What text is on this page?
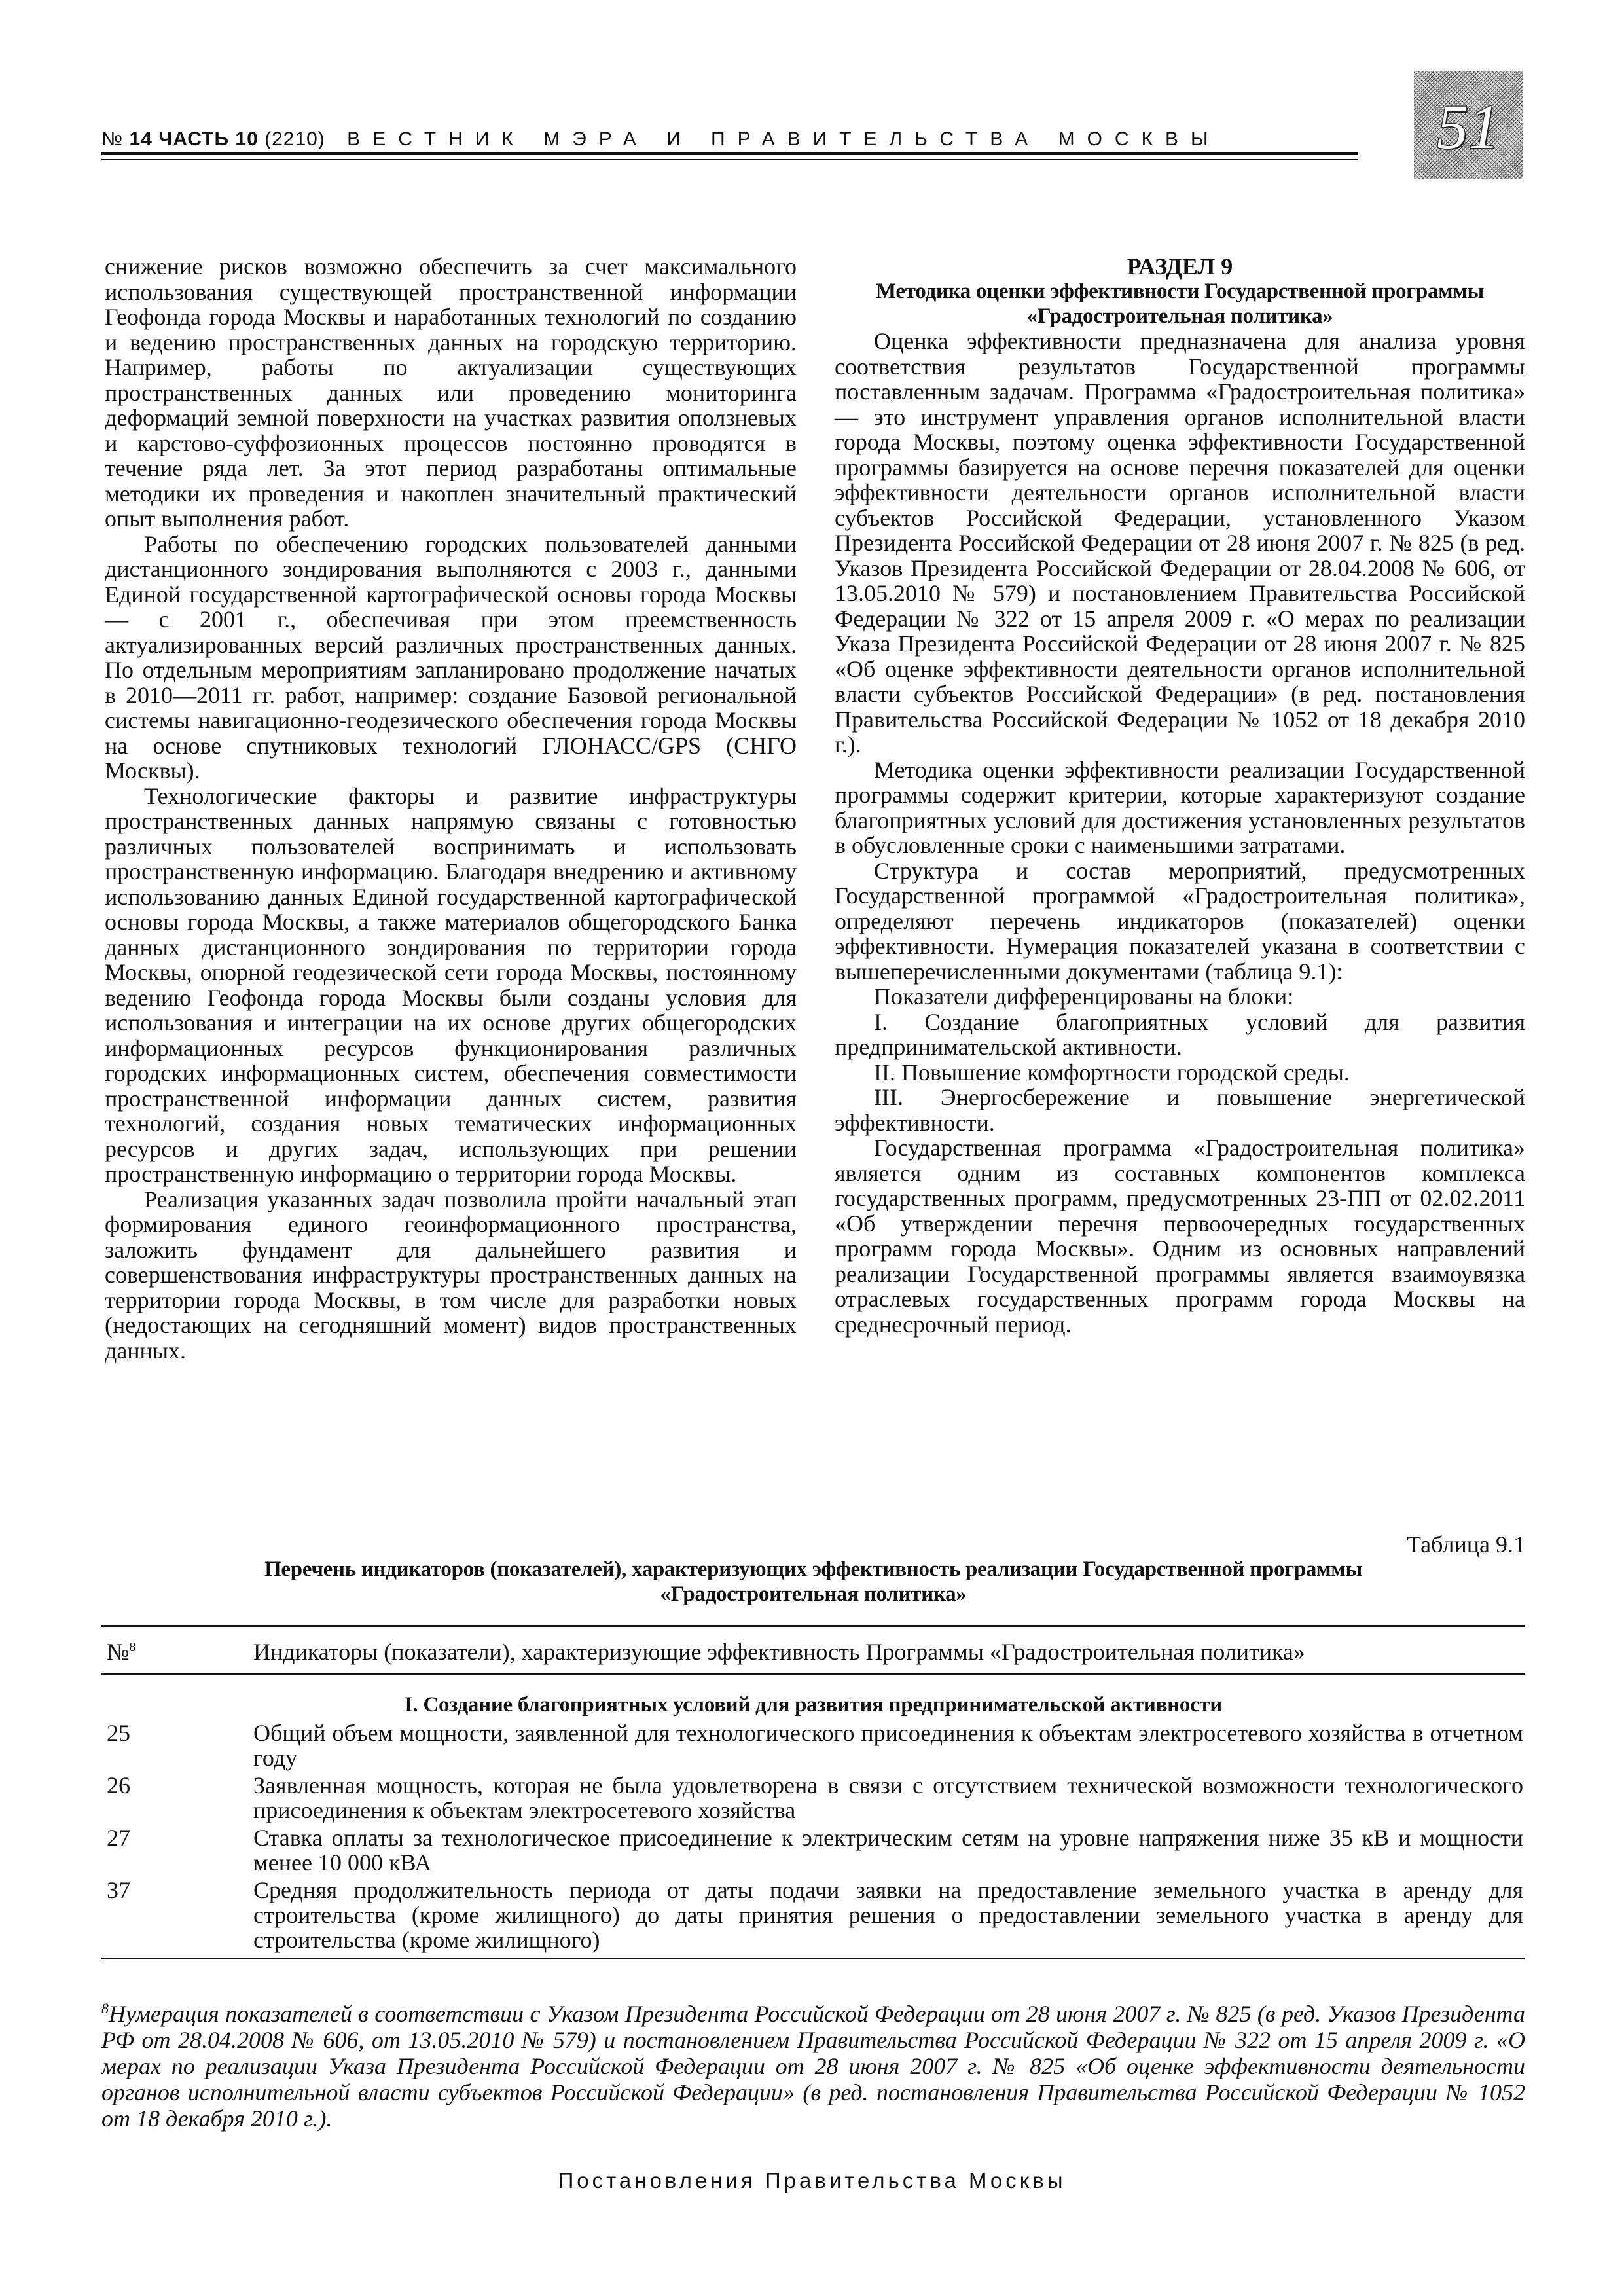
№ 14 ЧАСТЬ 10 (2210) ВЕСТНИК МЭРА И ПРАВИТЕЛЬСТВА МОСКВЫ	51

снижение рисков возможно обеспечить за счет максимального использования существующей пространственной информации Геофонда города Москвы и наработанных технологий по созданию и ведению пространственных данных на городскую территорию. Например, работы по актуализации существующих пространственных данных или проведению мониторинга деформаций земной поверхности на участках развития оползневых и карстово-суффозионных процессов постоянно проводятся в течение ряда лет. За этот период разработаны оптимальные методики их проведения и накоплен значительный практический опыт выполнения работ.

Работы по обеспечению городских пользователей данными дистанционного зондирования выполняются с 2003 г., данными Единой государственной картографической основы города Москвы — с 2001 г., обеспечивая при этом преемственность актуализированных версий различных пространственных данных. По отдельным мероприятиям запланировано продолжение начатых в 2010—2011 гг. работ, например: создание Базовой региональной системы навигационно-геодезического обеспечения города Москвы на основе спутниковых технологий ГЛОНАСС/GPS (СНГО Москвы).

Технологические факторы и развитие инфраструктуры пространственных данных напрямую связаны с готовностью различных пользователей воспринимать и использовать пространственную информацию. Благодаря внедрению и активному использованию данных Единой государственной картографической основы города Москвы, а также материалов общегородского Банка данных дистанционного зондирования по территории города Москвы, опорной геодезической сети города Москвы, постоянному ведению Геофонда города Москвы были созданы условия для использования и интеграции на их основе других общегородских информационных ресурсов функционирования различных городских информационных систем, обеспечения совместимости пространственной информации данных систем, развития технологий, создания новых тематических информационных ресурсов и других задач, использующих при решении пространственную информацию о территории города Москвы.

Реализация указанных задач позволила пройти начальный этап формирования единого геоинформационного пространства, заложить фундамент для дальнейшего развития и совершенствования инфраструктуры пространственных данных на территории города Москвы, в том числе для разработки новых (недостающих на сегодняшний момент) видов пространственных данных.

РАЗДЕЛ 9
Методика оценки эффективности Государственной программы
«Градостроительная политика»

Оценка эффективности предназначена для анализа уровня соответствия результатов Государственной программы поставленным задачам. Программа «Градостроительная политика» — это инструмент управления органов исполнительной власти города Москвы, поэтому оценка эффективности Государственной программы базируется на основе перечня показателей для оценки эффективности деятельности органов исполнительной власти субъектов Российской Федерации, установленного Указом Президента Российской Федерации от 28 июня 2007 г. № 825 (в ред. Указов Президента Российской Федерации от 28.04.2008 № 606, от 13.05.2010 № 579) и постановлением Правительства Российской Федерации № 322 от 15 апреля 2009 г. «О мерах по реализации Указа Президента Российской Федерации от 28 июня 2007 г. № 825 «Об оценке эффективности деятельности органов исполнительной власти субъектов Российской Федерации» (в ред. постановления Правительства Российской Федерации № 1052 от 18 декабря 2010 г.).

Методика оценки эффективности реализации Государственной программы содержит критерии, которые характеризуют создание благоприятных условий для достижения установленных результатов в обусловленные сроки с наименьшими затратами.

Структура и состав мероприятий, предусмотренных Государственной программой «Градостроительная политика», определяют перечень индикаторов (показателей) оценки эффективности. Нумерация показателей указана в соответствии с вышеперечисленными документами (таблица 9.1):

Показатели дифференцированы на блоки:

I. Создание благоприятных условий для развития предпринимательской активности.

II. Повышение комфортности городской среды.

III. Энергосбережение и повышение энергетической эффективности.

Государственная программа «Градостроительная политика» является одним из составных компонентов комплекса государственных программ, предусмотренных 23-ПП от 02.02.2011 «Об утверждении перечня первоочередных государственных программ города Москвы». Одним из основных направлений реализации Государственной программы является взаимоувязка отраслевых государственных программ города Москвы на среднесрочный период.

Таблица 9.1
Перечень индикаторов (показателей), характеризующих эффективность реализации Государственной программы
«Градостроительная политика»
№$^8$	Индикаторы (показатели), характеризующие эффективность Программы «Градостроительная политика»
I. Создание благоприятных условий для развития предпринимательской активности
25	Общий объем мощности, заявленной для технологического присоединения к объектам электросетевого хозяйства в отчетном году
26	Заявленная мощность, которая не была удовлетворена в связи с отсутствием технической возможности технологического присоединения к объектам электросетевого хозяйства
27	Ставка оплаты за технологическое присоединение к электрическим сетям на уровне напряжения ниже 35 кВ и мощности менее 10 000 кВА
37	Средняя продолжительность периода от даты подачи заявки на предоставление земельного участка в аренду для строительства (кроме жилищного) до даты принятия решения о предоставлении земельного участка в аренду для строительства (кроме жилищного)
$^8$Нумерация показателей в соответствии с Указом Президента Российской Федерации от 28 июня 2007 г. № 825 (в ред. Указов Президента РФ от 28.04.2008 № 606, от 13.05.2010 № 579) и постановлением Правительства Российской Федерации № 322 от 15 апреля 2009 г. «О мерах по реализации Указа Президента Российской Федерации от 28 июня 2007 г. № 825 «Об оценке эффективности деятельности органов исполнительной власти субъектов Российской Федерации» (в ред. постановления Правительства Российской Федерации № 1052 от 18 декабря 2010 г.).
Постановления Правительства Москвы
